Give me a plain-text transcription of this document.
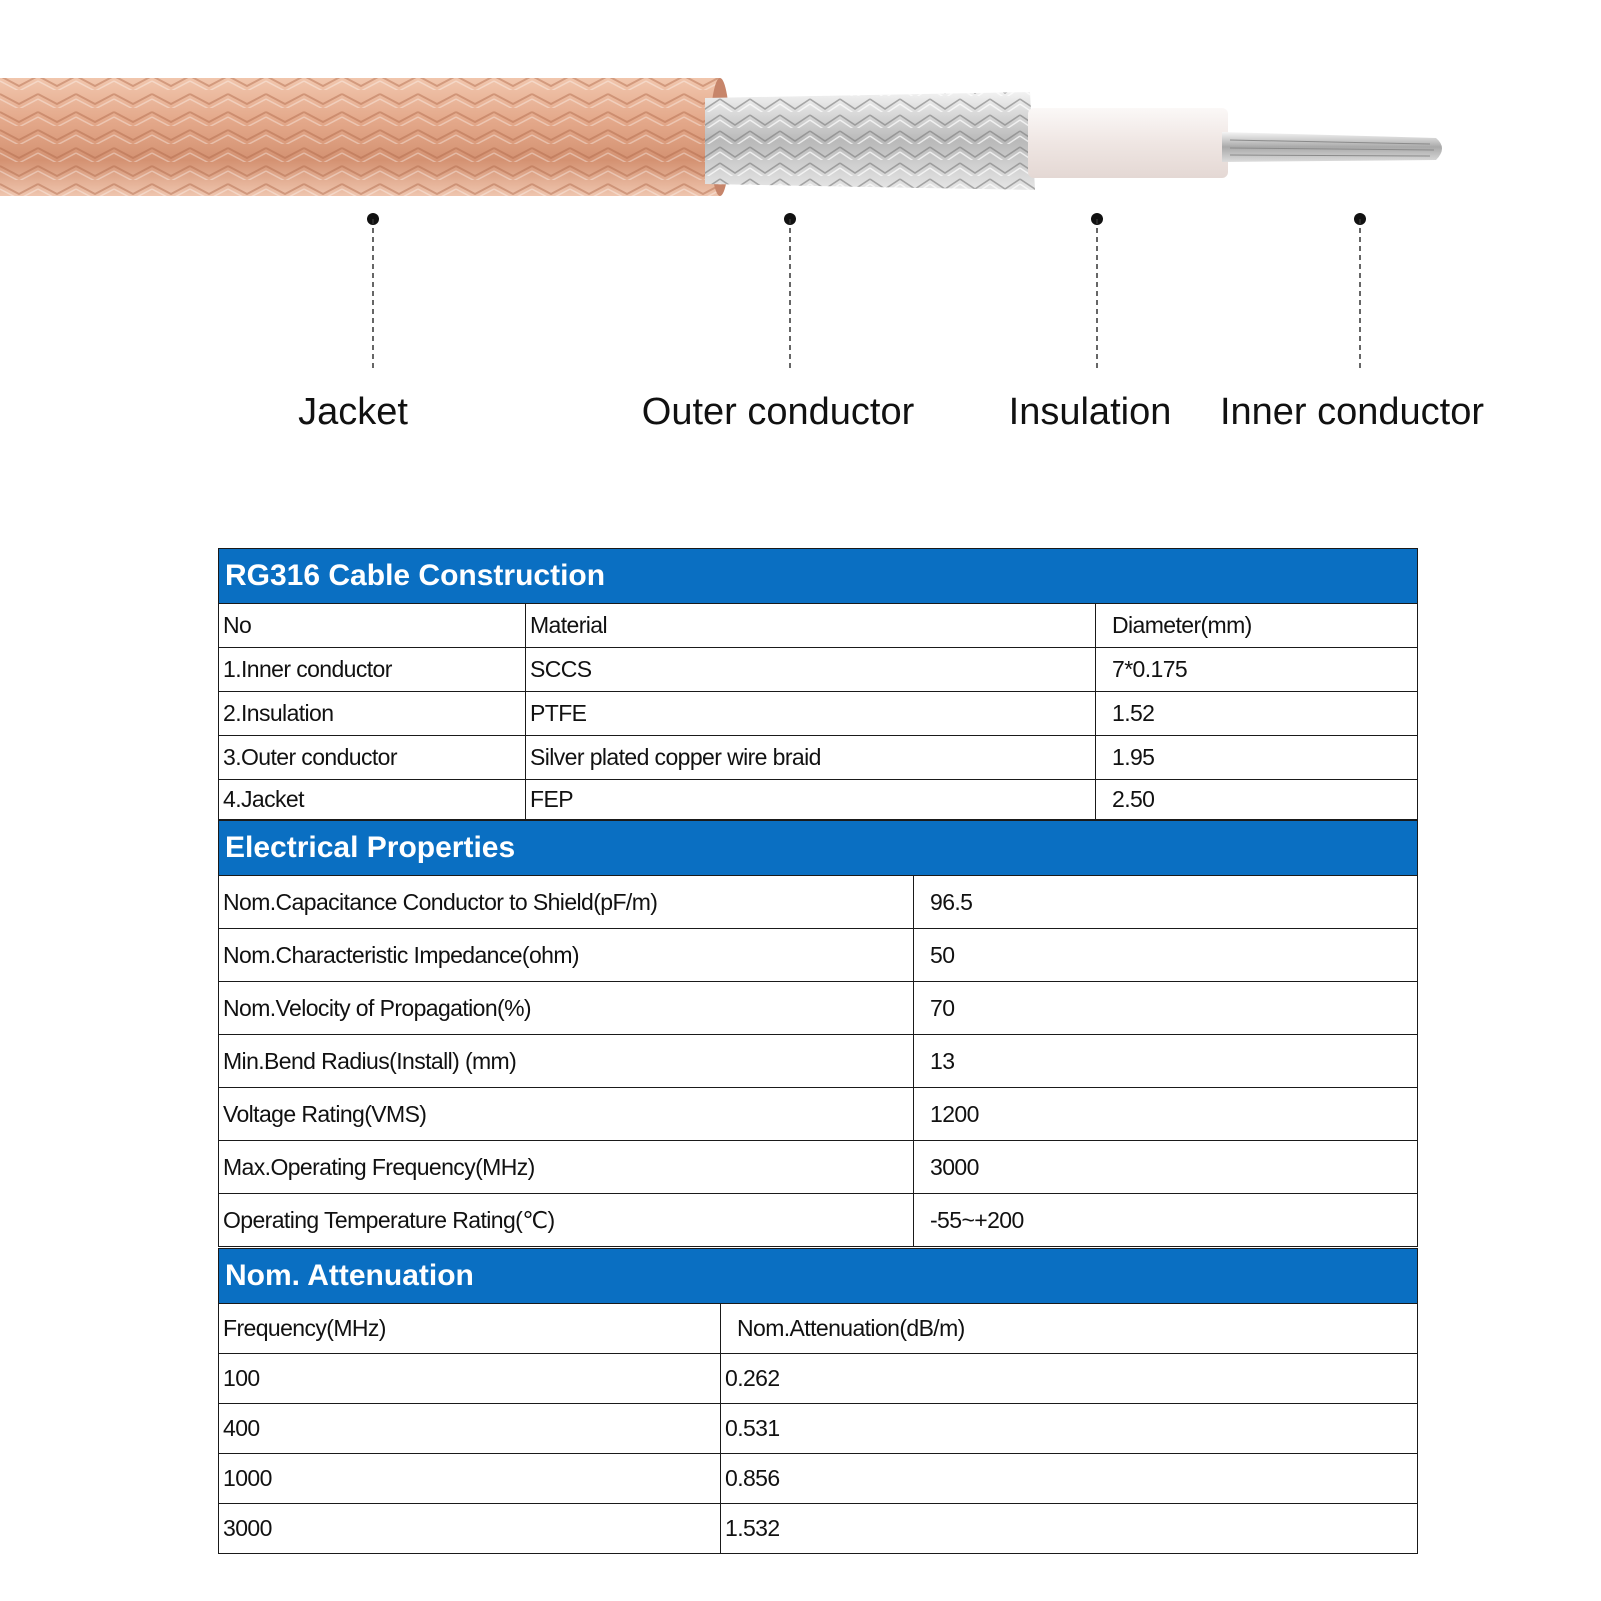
Jacket	Outer conductor Insulation Inner conductor
RG316 Cable Construction		
No	Material	Diameter(mm)
1.Inner conductor	SCCS	7*0.175
2.Insulation	PTFE	1.52
3.Outer conductor	Silver plated copper wire braid	1.95
4.Jacket	FEP	2.50
Electrical Properties	
Nom.Capacitance Conductor to Shield(pF/m)	96.5
Nom.Characteristic Impedance(ohm)	50
Nom.Velocity of Propagation(%)	70
Min.Bend Radius(Install) (mm)	13
Voltage Rating(VMS)	1200
Max.Operating Frequency(MHz)	3000
Operating Temperature Rating(℃)	-55~+200
Nom. Attenuation	
Frequency(MHz)	Nom.Attenuation(dB/m)
100	0.262
400	0.531
1000	0.856
3000	1.532
